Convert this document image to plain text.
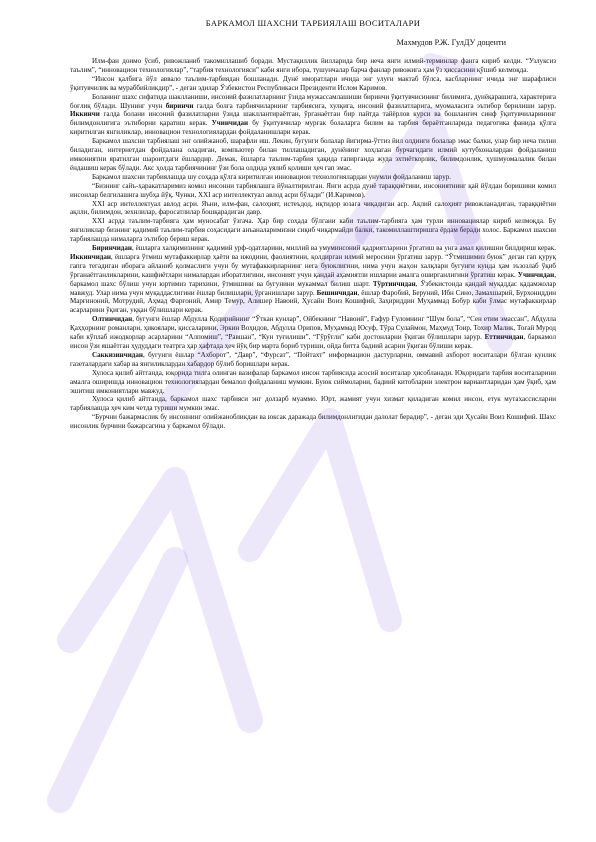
БАРКАМОЛ ШАХСНИ ТАРБИЯЛАШ ВОСИТАЛАРИ
Махмудов Р.Ж. ГулДУ доценти

Илм-фан доимо ўсиб, ривожланиб такомиллашиб боради. Мустақиллик йилларида бир неча янги илмий-терминлар фанга кириб келди. “Узлуксиз таълим”, “инновацион технологиялар”, “тарбия технологияси” каби янги ибора, тушунчалар барча фанлар ривожига ҳам ўз ҳиссасини қўшиб келмоқда.

“Инсон қалбига йўл аввало таълим-тарбиядан бошланади. Дунё иморатлари ичида энг улуғи мактаб бўлса, касбларнинг ичида энг шарафлиси ўқитувчилик ва мураббийликдир”, - деган эдилар Ўзбекистон Республикаси Президенти Ислом Каримов.

Боланинг шахс сифатида шаклланиши, инсоний фазилатларнинг ўзида мужассамлашиши биринчи ўқитувчисининг билимига, дунёқарашига, характерига боғлиқ бўлади. Шунинг учун биринчи галда болга тарбиячиларнинг тарбиясига, хулқига, инсоний фазилатларига, муомаласига эътибор берилиши зарур. Иккинчи галда болани инсоний фазилатларни ўзида шакллантираётган, ўрганаётган бир пайтда тайёрлов курси ва бошланғич синф ўқитувчиларининг билимдонлигига эътиборни қаратиш керак. Учинчидан бу ўқитувчилар мурғак болаларга билим ва тарбия бераётганларида педагогика фанида қўлга киритилган янгиликлар, инновацион технологиялардан фойдаланишлари керак.

Баркамол шахсни тарбиялаш энг олийжаноб, шарафли иш. Лекин, бугунги болалар йигирма-ўттиз йил олдинги болалар эмас балки, улар бир неча тилни биладиган, интернетдан фойдалана оладиган, компьютер билан тиллашадиган, дунёнинг хоҳлаган бурчагидаги илмий кутубхоналардан фойдаланиш имкониятни яратилган шароитдаги ёшлардир. Демак, ёшларга таълим-тарбия ҳақида гапирганда жуда эхтиёткорлик, билимдонлик, ҳушмуомалалик билан ёндашиш керак бўлади. Акс ҳолда тарбиячининг ўзи бола олдида уялиб қолиши ҳеч гап эмас.

Баркамол шахсни тарбиялашда шу соҳада қўлга киритилган инновацион технологиялардан унумли фойдаланиш зарур.

“Бизнинг сайъ-ҳаракатларимиз комил инсонни тарбиялашга йўналтирилган. Янги асрда дунё тараққиётини, инсониятнинг қай йўлдан боришини комил инсонлар белгилашига шубҳа йўқ. Чунки, XXI аср интеллектуал авлод асри бўлади” (И.Каримов).

XXI аср интеллектуал авлод асри. Яъни, илм-фан, салоҳият, истеъдод, иқтидор юзага чиқадиган аср. Ақлий салоҳият ривожланадиган, тараққиётни ақлли, билимдон, зехнлилар, фаросатлилар бошқарадиган давр.

XXI асрда таълим-тарбияга ҳам муносабат ўзгача. Ҳар бир соҳада бўлгани каби таълим-тарбияга ҳам турли инновациялар кириб келмоқда. Бу янгиликлар бизнинг қадимий таълим-тарбия соҳасидаги анъаналаримизни сиқиб чиқармайди балки, такомиллаштиришга ёрдам беради холос. Баркамол шахсни тарбиялашда нималарга эътибор бериш керак.

Биринчидан, ёшларга халқимизнинг қадимий урф-одатларини, миллий ва умуминсоний қадриятларини ўргатиш ва унга амал қилишни билдириш керак. Иккинчидан, ёшларга ўтмиш мутафаккирлар ҳаёти ва ижодини, фаолиятини, қолдирган илмий меросини ўргатиш зарур. “Ўтмишимиз буюк” деган гап қуруқ гапга тегадиган иборага айланиб қолмаслиги учун бу мутафаккирларнинг нега буюклигини, нима учун жаҳон халқлари бугунги кунда ҳам эъзозлаб ўқиб ўрганаётганликларини, кашфиётлари нималардан иборатлигини, инсоният учун қандай аҳамиятли ишларни амалга оширганлигини ўргатиш керак. Учинчидан, баркамол шахс бўлиш учун юртимиз тарихини, ўтмишини ва бугунини мукаммал билиш шарт. Тўртинчидан, Ўзбекистонда қандай муқаддас қадамжолар мавжуд. Улар нима учун муқаддаслигини ёшлар билишлари, ўрганишлари зарур. Бешинчидан, ёшлар Фаробий, Беруний, Ибн Сино, Замахшарий, Бурхониддин Марғиноний, Мотрудий, Аҳмад Фарғоний, Амир Темур, Алишер Навоий, Ҳусайн Воиз Кошифий, Заҳириддин Муҳаммад Бобур каби ўлмас мутафаккирлар асарларини ўқиган, уққан бўлишлари керак.

Олтинчидан, бугунги ёшлар Абдулла Қодирийнинг “Ўткан кунлар”, Ойбекнинг “Навоий”, Ғафур Ғуломнинг “Шум бола”, “Сен етим эмассан”, Абдулла Қаҳҳорнинг романлари, ҳикоялари, қиссаларини, Эркин Воҳидов, Абдулла Орипов, Муҳаммад Юсуф, Тўра Сулаймон, Маҳмуд Тоир, Тохир Малик, Тоғай Мурод каби кўплаб ижодкорлар асарларини “Алпомиш”, “Равшан”, “Кун туғилиши”, “Гўрўғли” каби достонларни ўқиган бўлишлари зарур. Еттинчидан, баркамол инсон ўзи яшаётган ҳудуддаги театрга ҳар ҳафтада ҳеч йўқ бир марта бориб туриши, ойда битта бадиий асарни ўқиган бўлиши керак.

Саккизинчидан, бугунги ёшлар “Ахборот”, “Давр”, “Фурсат”, “Пойтахт” информацион дастурларни, оммавий ахборот воситалари бўлган кунлик газеталардаги хабар ва янгиликлардан хабардор бўлиб боришлари керак.

Хулоса қилиб айтганда, юқорида тилга олинган вазифалар баркамол инсон тарбиясида асосий воситалар ҳисобланади. Юқоридаги тарбия воситаларини амалга оширишда инновацион технологиялардан бемалол фойдаланиш мумкин. Буюк сиймоларни, бадиий китобларни электрон вариантларидан ҳам ўқиб, ҳам эшитиш имкониятлари мавжуд.

Хулоса қилиб айтганда, баркамол шахс тарбияси энг долзарб муаммо. Юрт, жамият учун хизмат қиладиган комил инсон, етук мутахассисларни тарбиялашда ҳеч ким четда туриши мумкин эмас.

“Бурчни бажармаслик бу инсоннинг олийжанобликдан ва юксак даражада билимдонлигидан далолат берадир”, - деган эди Ҳусайн Воиз Кошифий. Шахс инсонлик бурчини бажарсагина у баркамол бўлади.
